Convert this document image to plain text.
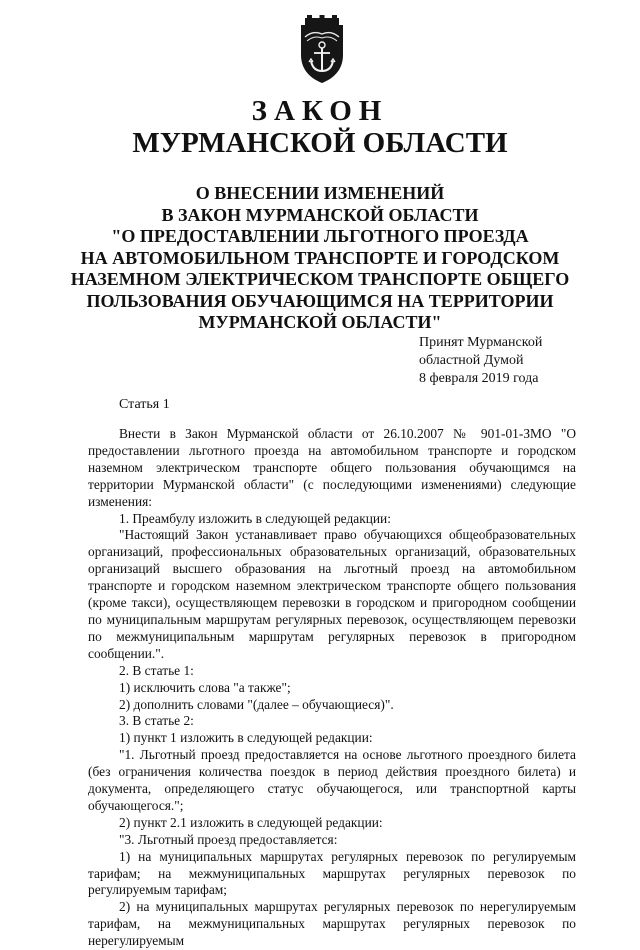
ЗАКОН
МУРМАНСКОЙ ОБЛАСТИ
О ВНЕСЕНИИ ИЗМЕНЕНИЙ
В ЗАКОН МУРМАНСКОЙ ОБЛАСТИ
"О ПРЕДОСТАВЛЕНИИ ЛЬГОТНОГО ПРОЕЗДА
НА АВТОМОБИЛЬНОМ ТРАНСПОРТЕ И ГОРОДСКОМ
НАЗЕМНОМ ЭЛЕКТРИЧЕСКОМ ТРАНСПОРТЕ ОБЩЕГО
ПОЛЬЗОВАНИЯ ОБУЧАЮЩИМСЯ НА ТЕРРИТОРИИ
МУРМАНСКОЙ ОБЛАСТИ"
Принят Мурманской
областной Думой
8 февраля 2019 года
Статья 1

Внести в Закон Мурманской области от 26.10.2007 № 901-01-ЗМО "О предоставлении льготного проезда на автомобильном транспорте и городском наземном электрическом транспорте общего пользования обучающимся на территории Мурманской области" (с последующими изменениями) следующие изменения:

1. Преамбулу изложить в следующей редакции:

"Настоящий Закон устанавливает право обучающихся общеобразовательных организаций, профессиональных образовательных организаций, образовательных организаций высшего образования на льготный проезд на автомобильном транспорте и городском наземном электрическом транспорте общего пользования (кроме такси), осуществляющем перевозки в городском и пригородном сообщении по муниципальным маршрутам регулярных перевозок, осуществляющем перевозки по межмуниципальным маршрутам регулярных перевозок в пригородном сообщении.".

2. В статье 1:

1) исключить слова "а также";

2) дополнить словами "(далее – обучающиеся)".

3. В статье 2:

1) пункт 1 изложить в следующей редакции:

"1. Льготный проезд предоставляется на основе льготного проездного билета (без ограничения количества поездок в период действия проездного билета) и документа, определяющего статус обучающегося, или транспортной карты обучающегося.";

2) пункт 2.1 изложить в следующей редакции:

"3. Льготный проезд предоставляется:

1) на муниципальных маршрутах регулярных перевозок по регулируемым тарифам; на межмуниципальных маршрутах регулярных перевозок по регулируемым тарифам;

2) на муниципальных маршрутах регулярных перевозок по нерегулируемым тарифам, на межмуниципальных маршрутах регулярных перевозок по нерегулируемым
